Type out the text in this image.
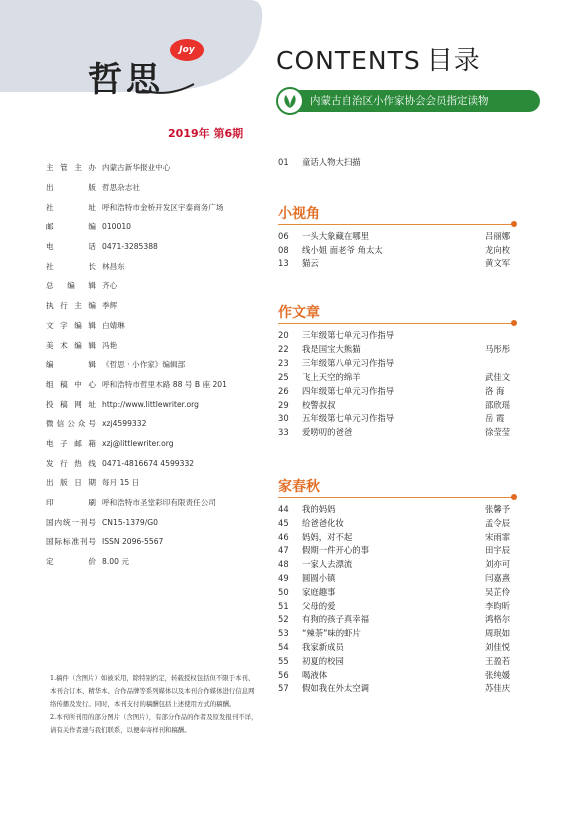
哲思
Joy
2019年 第6期
主管主办 内蒙古新华报业中心
出版 哲思杂志社
社址 呼和浩特市金桥开发区宇泰商务广场
邮编 010010
电话 0471-3285388
社长 林昌东
总编辑 齐心
执行主编 季辉
文字编辑 白婧琳
美术编辑 冯艳
编辑 《哲思 · 小作家》编辑部
组稿中心 呼和浩特市哲里木路 88 号 B 座 201
投稿网址 http://www.littlewriter.org
微信公众号 xzj4599332
电子邮箱 xzj@littlewriter.org
发行热线 0471-4816674 4599332
出版日期 每月 15 日
印刷 呼和浩特市圣堂彩印有限责任公司
国内统一刊号 CN15-1379/G0
国际标准刊号 ISSN 2096-5567
定价 8.00 元

1.稿件（含图片）如被采用，除特别约定，转载授权包括但不限于本刊、本刊合订本、精华本、合作品牌等系列媒体以及本刊合作媒体进行信息网络传播及发行。同时，本刊支付的稿酬包括上述使用方式的稿酬。

2.本刊所刊用的部分图片（含图片），有部分作品的作者及原发报刊不详，请有关作者速与我们联系，以便奉寄样刊和稿酬。

CONTENTS 目录
内蒙古自治区小作家协会会员指定读物
01	童话人物大扫描
小视角
06	一头大象藏在哪里	吕丽娜
08	线小姐 面老爷 角太太	龙向枚
13	猫云	黄文军
作文章
20	三年级第七单元习作指导
22	我是国宝大熊猫	马彤彤
23	三年级第八单元习作指导
25	飞上天空的绵羊	武佳文
26	四年级第七单元习作指导	洛 海
29	校警叔叔	邵欣瑶
30	五年级第七单元习作指导	岳 霞
33	爱唠叨的爸爸	徐莹莹
家春秋
44	我的妈妈	张馨予
45	给爸爸化妆	孟令辰
46	妈妈，对不起	宋雨霏
47	假期一件开心的事	田宇辰
48	一家人去漂流	刘亦可
49	圆圆小镇	闫嘉熹
50	家庭趣事	吴芷伶
51	父母的爱	李昀昕
52	有狗的孩子真幸福	鸿格尔
53	“辣荼”味的虾片	周珉如
54	我家新成员	刘佳悦
55	初夏的校园	王盈若
56	喝液体	张纯媛
57	假如我在外太空调	苏佳庆
